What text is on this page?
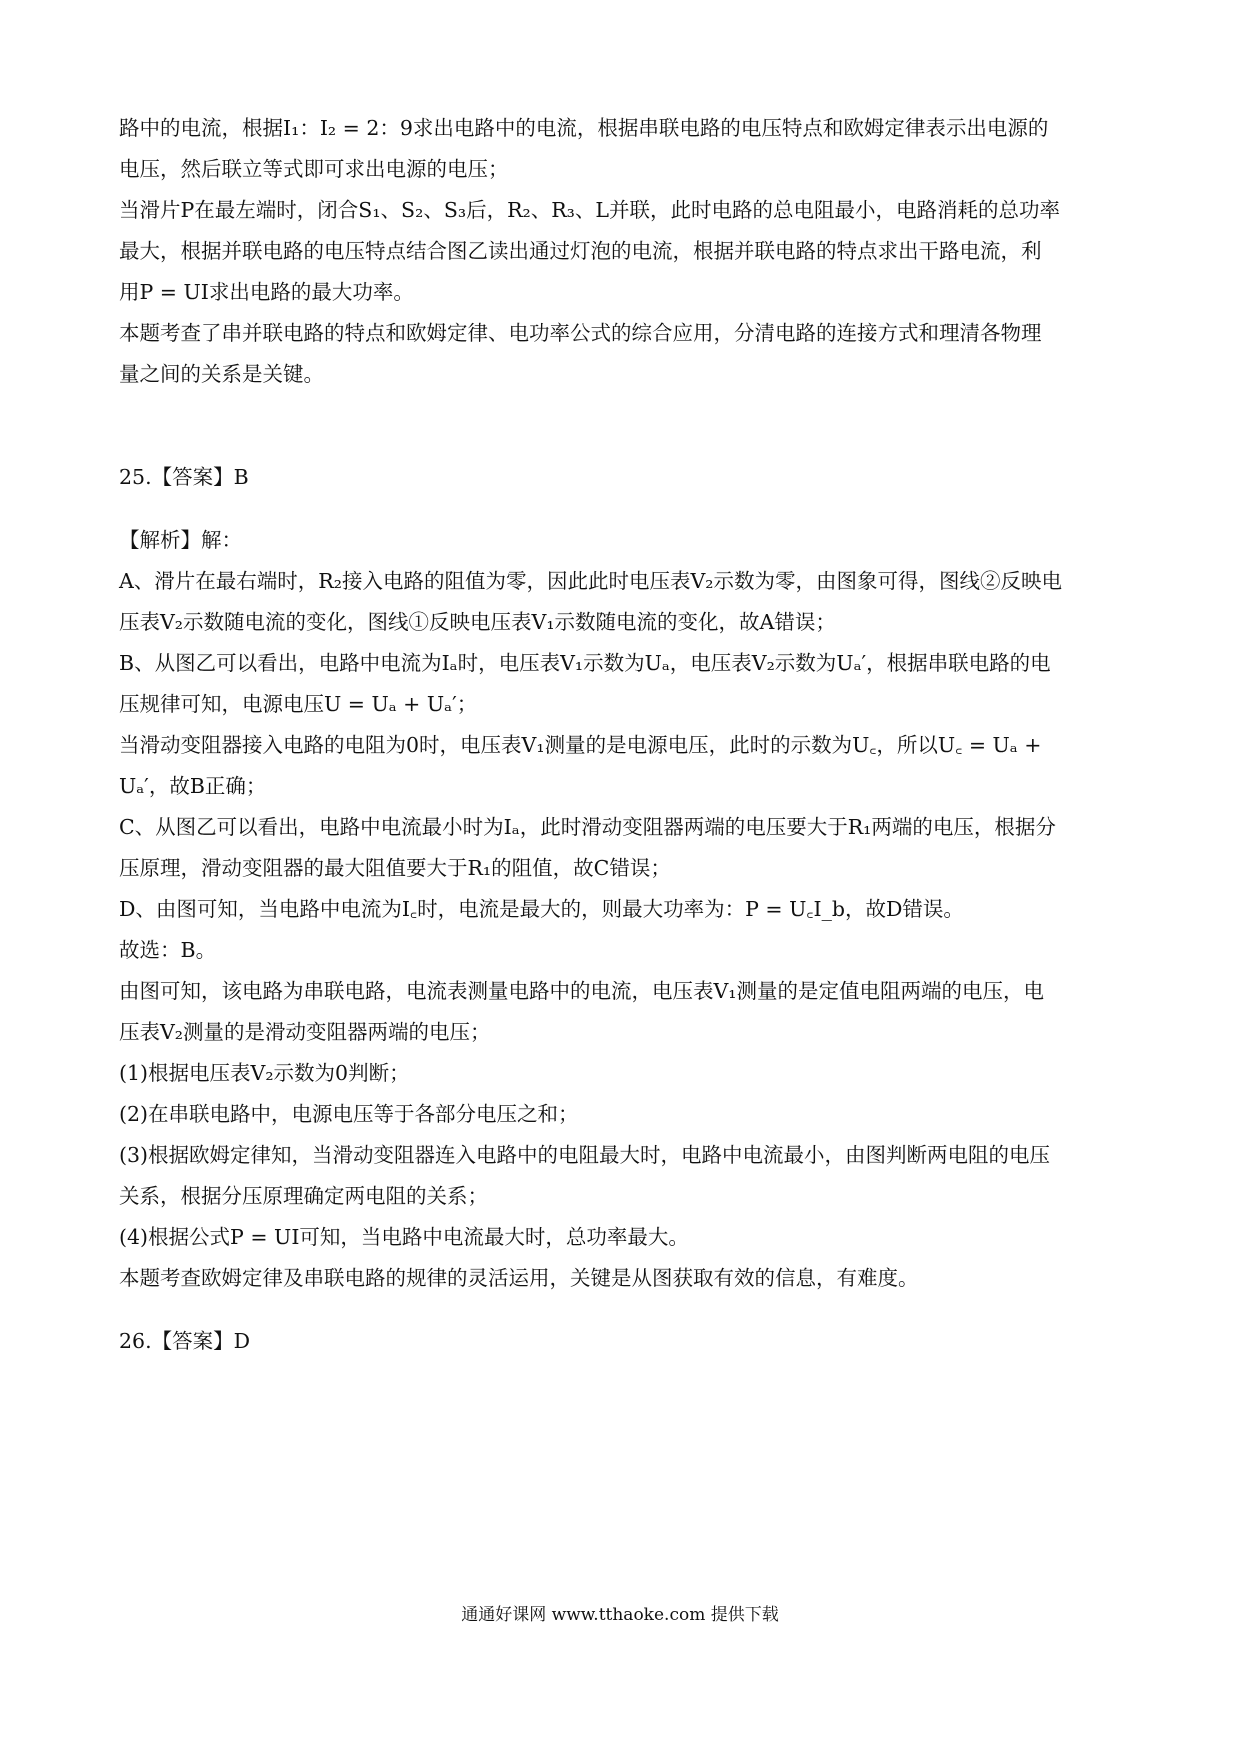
路中的电流，根据I₁：I₂ = 2：9求出电路中的电流，根据串联电路的电压特点和欧姆定律表示出电源的

电压，然后联立等式即可求出电源的电压；

当滑片P在最左端时，闭合S₁、S₂、S₃后，R₂、R₃、L并联，此时电路的总电阻最小，电路消耗的总功率

最大，根据并联电路的电压特点结合图乙读出通过灯泡的电流，根据并联电路的特点求出干路电流，利

用P = UI求出电路的最大功率。

本题考查了串并联电路的特点和欧姆定律、电功率公式的综合应用，分清电路的连接方式和理清各物理

量之间的关系是关键。

25.【答案】B

【解析】解：

A、滑片在最右端时，R₂接入电路的阻值为零，因此此时电压表V₂示数为零，由图象可得，图线②反映电

压表V₂示数随电流的变化，图线①反映电压表V₁示数随电流的变化，故A错误；

B、从图乙可以看出，电路中电流为Iₐ时，电压表V₁示数为Uₐ，电压表V₂示数为Uₐ′，根据串联电路的电

压规律可知，电源电压U = Uₐ + Uₐ′；

当滑动变阻器接入电路的电阻为0时，电压表V₁测量的是电源电压，此时的示数为U꜀，所以U꜀ = Uₐ +

Uₐ′，故B正确；

C、从图乙可以看出，电路中电流最小时为Iₐ，此时滑动变阻器两端的电压要大于R₁两端的电压，根据分

压原理，滑动变阻器的最大阻值要大于R₁的阻值，故C错误；

D、由图可知，当电路中电流为I꜀时，电流是最大的，则最大功率为：P = U꜀I_b，故D错误。

故选：B。

由图可知，该电路为串联电路，电流表测量电路中的电流，电压表V₁测量的是定值电阻两端的电压，电

压表V₂测量的是滑动变阻器两端的电压；

(1)根据电压表V₂示数为0判断；

(2)在串联电路中，电源电压等于各部分电压之和；

(3)根据欧姆定律知，当滑动变阻器连入电路中的电阻最大时，电路中电流最小，由图判断两电阻的电压

关系，根据分压原理确定两电阻的关系；

(4)根据公式P = UI可知，当电路中电流最大时，总功率最大。

本题考查欧姆定律及串联电路的规律的灵活运用，关键是从图获取有效的信息，有难度。

26.【答案】D

通通好课网 www.tthaoke.com 提供下载
